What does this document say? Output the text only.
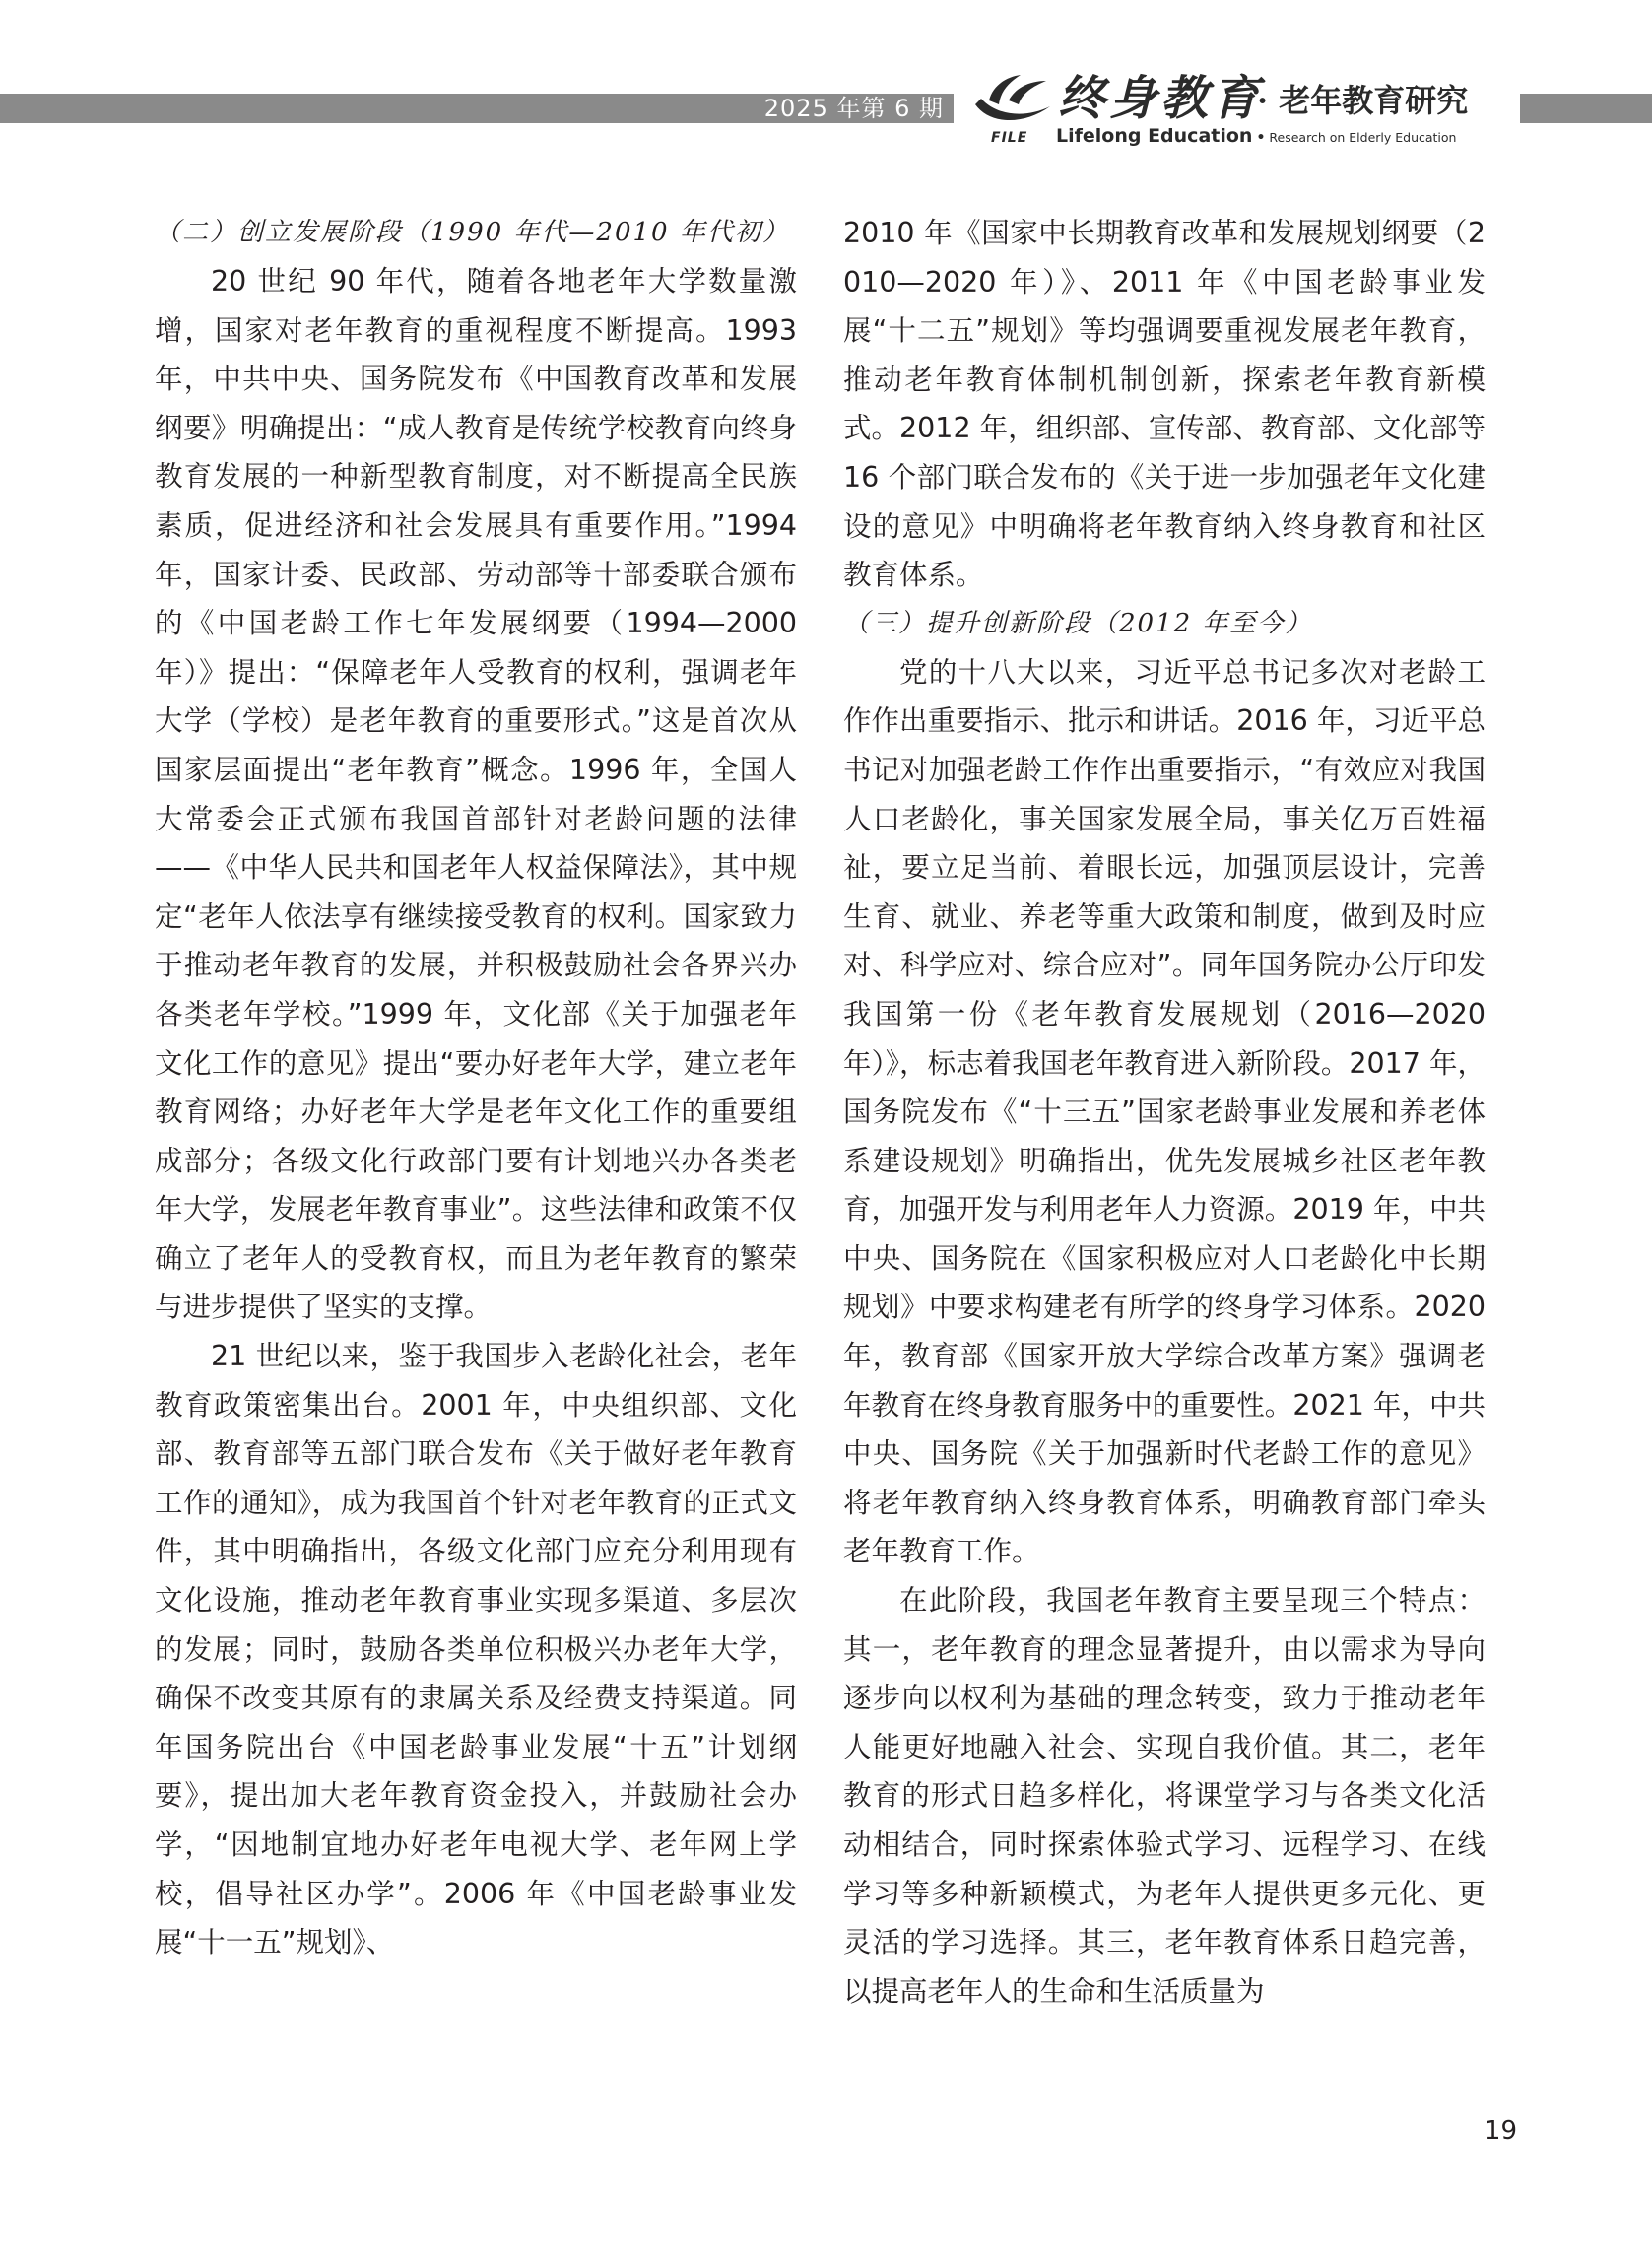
2025 年第 6 期 终身教育
· 老年教育研究
FILE Lifelong Education • Research on Elderly Education

（二）创立发展阶段（1990 年代—2010 年代初）

20 世纪 90 年代，随着各地老年大学数量激增，国家对老年教育的重视程度不断提高。1993 年，中共中央、国务院发布《中国教育改革和发展纲要》明确提出：“成人教育是传统学校教育向终身教育发展的一种新型教育制度，对不断提高全民族素质，促进经济和社会发展具有重要作用。”1994 年，国家计委、民政部、劳动部等十部委联合颁布的《中国老龄工作七年发展纲要（1994—2000 年）》提出：“保障老年人受教育的权利，强调老年大学（学校）是老年教育的重要形式。”这是首次从国家层面提出“老年教育”概念。1996 年，全国人大常委会正式颁布我国首部针对老龄问题的法律——《中华人民共和国老年人权益保障法》，其中规定“老年人依法享有继续接受教育的权利。国家致力于推动老年教育的发展，并积极鼓励社会各界兴办各类老年学校。”1999 年，文化部《关于加强老年文化工作的意见》提出“要办好老年大学，建立老年教育网络；办好老年大学是老年文化工作的重要组成部分；各级文化行政部门要有计划地兴办各类老年大学，发展老年教育事业”。这些法律和政策不仅确立了老年人的受教育权，而且为老年教育的繁荣与进步提供了坚实的支撑。

21 世纪以来，鉴于我国步入老龄化社会，老年教育政策密集出台。2001 年，中央组织部、文化部、教育部等五部门联合发布《关于做好老年教育工作的通知》，成为我国首个针对老年教育的正式文件，其中明确指出，各级文化部门应充分利用现有文化设施，推动老年教育事业实现多渠道、多层次的发展；同时，鼓励各类单位积极兴办老年大学，确保不改变其原有的隶属关系及经费支持渠道。同年国务院出台《中国老龄事业发展“十五”计划纲要》，提出加大老年教育资金投入，并鼓励社会办学，“因地制宜地办好老年电视大学、老年网上学校，倡导社区办学”。2006 年《中国老龄事业发展“十一五”规划》、

2010 年《国家中长期教育改革和发展规划纲要（2010—2020 年）》、2011 年《中国老龄事业发展“十二五”规划》等均强调要重视发展老年教育，推动老年教育体制机制创新，探索老年教育新模式。2012 年，组织部、宣传部、教育部、文化部等 16 个部门联合发布的《关于进一步加强老年文化建设的意见》中明确将老年教育纳入终身教育和社区教育体系。

（三）提升创新阶段（2012 年至今）

党的十八大以来，习近平总书记多次对老龄工作作出重要指示、批示和讲话。2016 年，习近平总书记对加强老龄工作作出重要指示，“有效应对我国人口老龄化，事关国家发展全局，事关亿万百姓福祉，要立足当前、着眼长远，加强顶层设计，完善生育、就业、养老等重大政策和制度，做到及时应对、科学应对、综合应对”。同年国务院办公厅印发我国第一份《老年教育发展规划（2016—2020 年）》，标志着我国老年教育进入新阶段。2017 年，国务院发布《“十三五”国家老龄事业发展和养老体系建设规划》明确指出，优先发展城乡社区老年教育，加强开发与利用老年人力资源。2019 年，中共中央、国务院在《国家积极应对人口老龄化中长期规划》中要求构建老有所学的终身学习体系。2020 年，教育部《国家开放大学综合改革方案》强调老年教育在终身教育服务中的重要性。2021 年，中共中央、国务院《关于加强新时代老龄工作的意见》将老年教育纳入终身教育体系，明确教育部门牵头老年教育工作。

在此阶段，我国老年教育主要呈现三个特点：其一，老年教育的理念显著提升，由以需求为导向逐步向以权利为基础的理念转变，致力于推动老年人能更好地融入社会、实现自我价值。其二，老年教育的形式日趋多样化，将课堂学习与各类文化活动相结合，同时探索体验式学习、远程学习、在线学习等多种新颖模式，为老年人提供更多元化、更灵活的学习选择。其三，老年教育体系日趋完善，以提高老年人的生命和生活质量为

19
